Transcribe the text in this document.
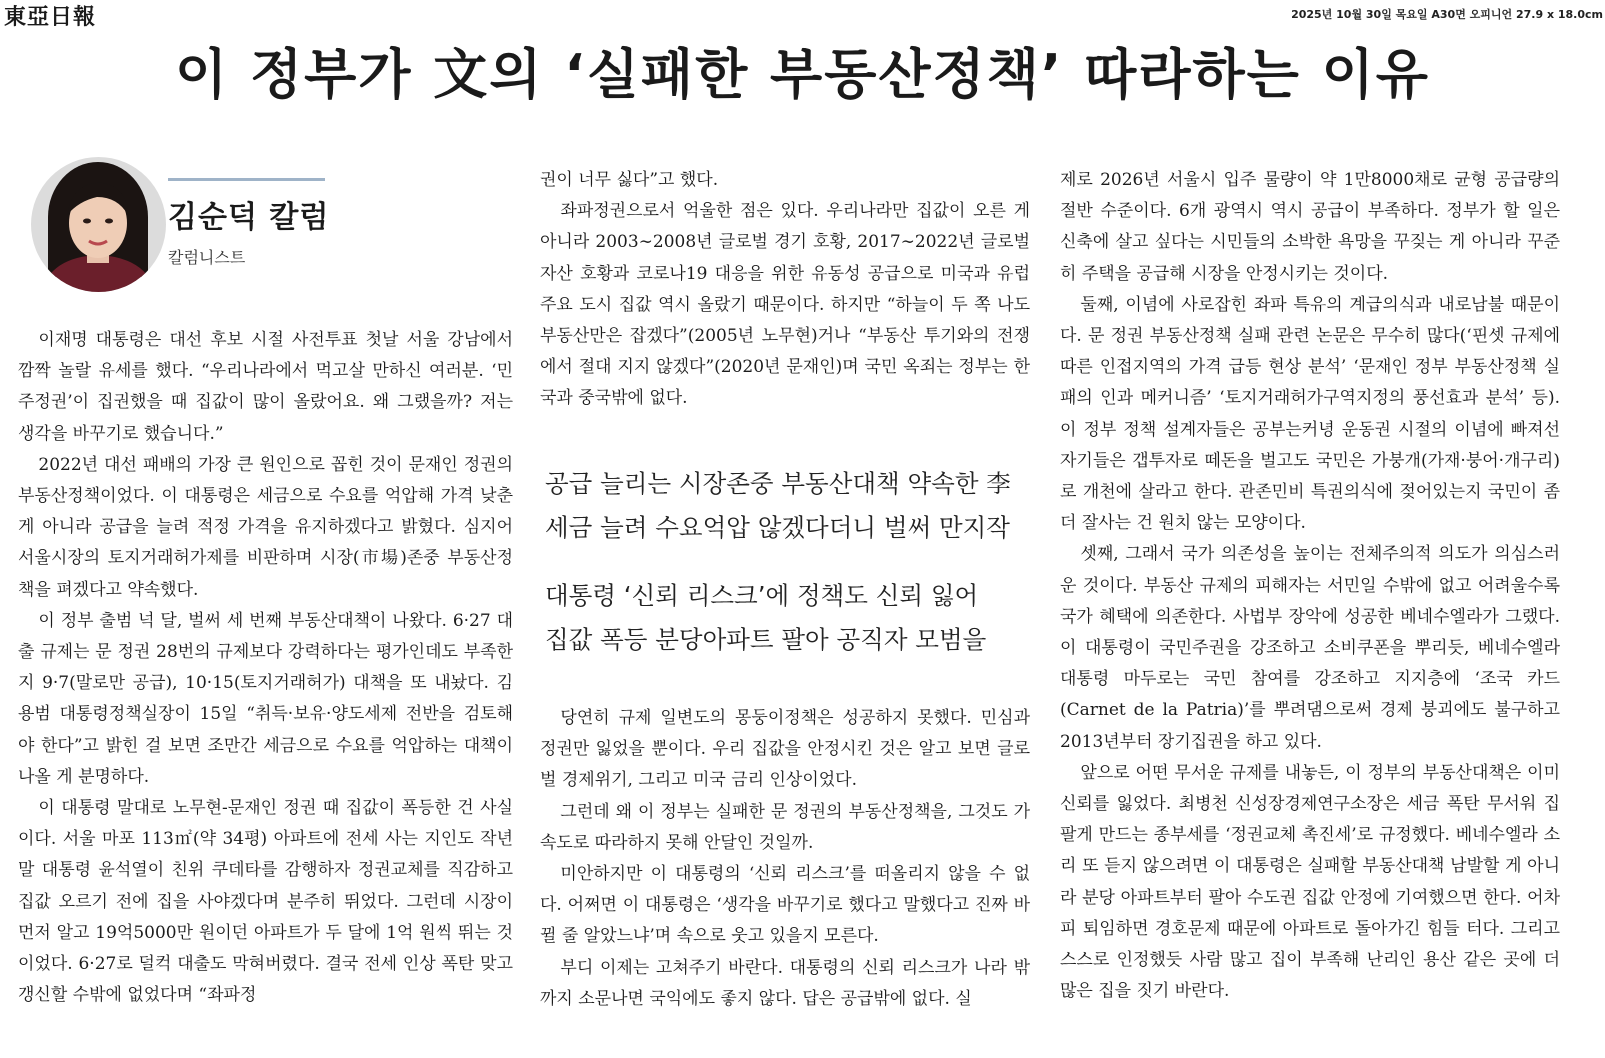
東亞日報	2025년 10월 30일 목요일 A30면 오피니언 27.9 x 18.0cm
이 정부가 文의 ‘실패한 부동산정책’ 따라하는 이유
김순덕 칼럼
칼럼니스트

이재명 대통령은 대선 후보 시절 사전투표 첫날 서울 강남에서 깜짝 놀랄 유세를 했다. “우리나라에서 먹고살 만하신 여러분. ‘민주정권’이 집권했을 때 집값이 많이 올랐어요. 왜 그랬을까? 저는 생각을 바꾸기로 했습니다.”

2022년 대선 패배의 가장 큰 원인으로 꼽힌 것이 문재인 정권의 부동산정책이었다. 이 대통령은 세금으로 수요를 억압해 가격 낮춘 게 아니라 공급을 늘려 적정 가격을 유지하겠다고 밝혔다. 심지어 서울시장의 토지거래허가제를 비판하며 시장(市場)존중 부동산정책을 펴겠다고 약속했다.

이 정부 출범 넉 달, 벌써 세 번째 부동산대책이 나왔다. 6·27 대출 규제는 문 정권 28번의 규제보다 강력하다는 평가인데도 부족한지 9·7(말로만 공급), 10·15(토지거래허가) 대책을 또 내놨다. 김용범 대통령정책실장이 15일 “취득·보유·양도세제 전반을 검토해야 한다”고 밝힌 걸 보면 조만간 세금으로 수요를 억압하는 대책이 나올 게 분명하다.

이 대통령 말대로 노무현-문재인 정권 때 집값이 폭등한 건 사실이다. 서울 마포 113㎡(약 34평) 아파트에 전세 사는 지인도 작년 말 대통령 윤석열이 친위 쿠데타를 감행하자 정권교체를 직감하고 집값 오르기 전에 집을 사야겠다며 분주히 뛰었다. 그런데 시장이 먼저 알고 19억5000만 원이던 아파트가 두 달에 1억 원씩 뛰는 것이었다. 6·27로 덜컥 대출도 막혀버렸다. 결국 전세 인상 폭탄 맞고 갱신할 수밖에 없었다며 “좌파정

권이 너무 싫다”고 했다.

좌파정권으로서 억울한 점은 있다. 우리나라만 집값이 오른 게 아니라 2003∼2008년 글로벌 경기 호황, 2017∼2022년 글로벌 자산 호황과 코로나19 대응을 위한 유동성 공급으로 미국과 유럽 주요 도시 집값 역시 올랐기 때문이다. 하지만 “하늘이 두 쪽 나도 부동산만은 잡겠다”(2005년 노무현)거나 “부동산 투기와의 전쟁에서 절대 지지 않겠다”(2020년 문재인)며 국민 옥죄는 정부는 한국과 중국밖에 없다.

공급 늘리는 시장존중 부동산대책 약속한 李
세금 늘려 수요억압 않겠다더니 벌써 만지작
대통령 ‘신뢰 리스크’에 정책도 신뢰 잃어
집값 폭등 분당아파트 팔아 공직자 모범을

당연히 규제 일변도의 몽둥이정책은 성공하지 못했다. 민심과 정권만 잃었을 뿐이다. 우리 집값을 안정시킨 것은 알고 보면 글로벌 경제위기, 그리고 미국 금리 인상이었다.

그런데 왜 이 정부는 실패한 문 정권의 부동산정책을, 그것도 가속도로 따라하지 못해 안달인 것일까.

미안하지만 이 대통령의 ‘신뢰 리스크’를 떠올리지 않을 수 없다. 어쩌면 이 대통령은 ‘생각을 바꾸기로 했다고 말했다고 진짜 바뀔 줄 알았느냐’며 속으로 웃고 있을지 모른다.

부디 이제는 고쳐주기 바란다. 대통령의 신뢰 리스크가 나라 밖까지 소문나면 국익에도 좋지 않다. 답은 공급밖에 없다. 실

제로 2026년 서울시 입주 물량이 약 1만8000채로 균형 공급량의 절반 수준이다. 6개 광역시 역시 공급이 부족하다. 정부가 할 일은 신축에 살고 싶다는 시민들의 소박한 욕망을 꾸짖는 게 아니라 꾸준히 주택을 공급해 시장을 안정시키는 것이다.

둘째, 이념에 사로잡힌 좌파 특유의 계급의식과 내로남불 때문이다. 문 정권 부동산정책 실패 관련 논문은 무수히 많다(‘핀셋 규제에 따른 인접지역의 가격 급등 현상 분석’ ‘문재인 정부 부동산정책 실패의 인과 메커니즘’ ‘토지거래허가구역지정의 풍선효과 분석’ 등). 이 정부 정책 설계자들은 공부는커녕 운동권 시절의 이념에 빠져선 자기들은 갭투자로 떼돈을 벌고도 국민은 가붕개(가재·붕어·개구리)로 개천에 살라고 한다. 관존민비 특권의식에 젖어있는지 국민이 좀 더 잘사는 건 원치 않는 모양이다.

셋째, 그래서 국가 의존성을 높이는 전체주의적 의도가 의심스러운 것이다. 부동산 규제의 피해자는 서민일 수밖에 없고 어려울수록 국가 혜택에 의존한다. 사법부 장악에 성공한 베네수엘라가 그랬다. 이 대통령이 국민주권을 강조하고 소비쿠폰을 뿌리듯, 베네수엘라 대통령 마두로는 국민 참여를 강조하고 지지층에 ‘조국 카드(Carnet de la Patria)’를 뿌려댐으로써 경제 붕괴에도 불구하고 2013년부터 장기집권을 하고 있다.

앞으로 어떤 무서운 규제를 내놓든, 이 정부의 부동산대책은 이미 신뢰를 잃었다. 최병천 신성장경제연구소장은 세금 폭탄 무서워 집 팔게 만드는 종부세를 ‘정권교체 촉진세’로 규정했다. 베네수엘라 소리 또 듣지 않으려면 이 대통령은 실패할 부동산대책 남발할 게 아니라 분당 아파트부터 팔아 수도권 집값 안정에 기여했으면 한다. 어차피 퇴임하면 경호문제 때문에 아파트로 돌아가긴 힘들 터다. 그리고 스스로 인정했듯 사람 많고 집이 부족해 난리인 용산 같은 곳에 더 많은 집을 짓기 바란다.
